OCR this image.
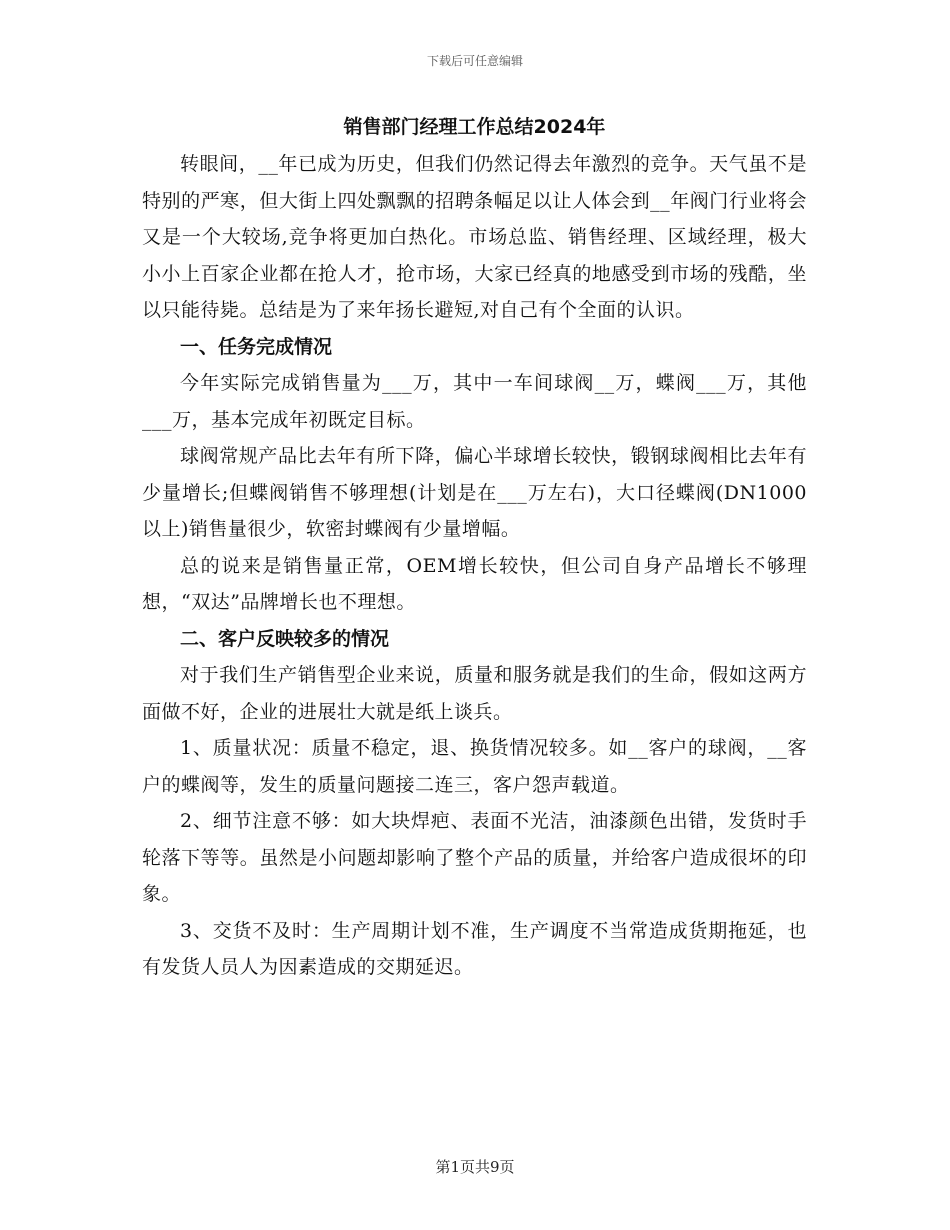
下载后可任意编辑
销售部门经理工作总结2024年

转眼间，__年已成为历史，但我们仍然记得去年激烈的竞争。天气虽不是特别的严寒，但大街上四处飘飘的招聘条幅足以让人体会到__年阀门行业将会又是一个大较场,竞争将更加白热化。市场总监、销售经理、区域经理，极大小小上百家企业都在抢人才，抢市场，大家已经真的地感受到市场的残酷，坐以只能待毙。总结是为了来年扬长避短,对自己有个全面的认识。

一、任务完成情况

今年实际完成销售量为___万，其中一车间球阀__万，蝶阀___万，其他___万，基本完成年初既定目标。

球阀常规产品比去年有所下降，偏心半球增长较快，锻钢球阀相比去年有少量增长;但蝶阀销售不够理想(计划是在___万左右)，大口径蝶阀(DN1000以上)销售量很少，软密封蝶阀有少量增幅。

总的说来是销售量正常，OEM增长较快，但公司自身产品增长不够理想，“双达”品牌增长也不理想。

二、客户反映较多的情况

对于我们生产销售型企业来说，质量和服务就是我们的生命，假如这两方面做不好，企业的进展壮大就是纸上谈兵。

1、质量状况：质量不稳定，退、换货情况较多。如__客户的球阀，__客户的蝶阀等，发生的质量问题接二连三，客户怨声载道。

2、细节注意不够：如大块焊疤、表面不光洁，油漆颜色出错，发货时手轮落下等等。虽然是小问题却影响了整个产品的质量，并给客户造成很坏的印象。

3、交货不及时：生产周期计划不准，生产调度不当常造成货期拖延，也有发货人员人为因素造成的交期延迟。

第1页共9页
